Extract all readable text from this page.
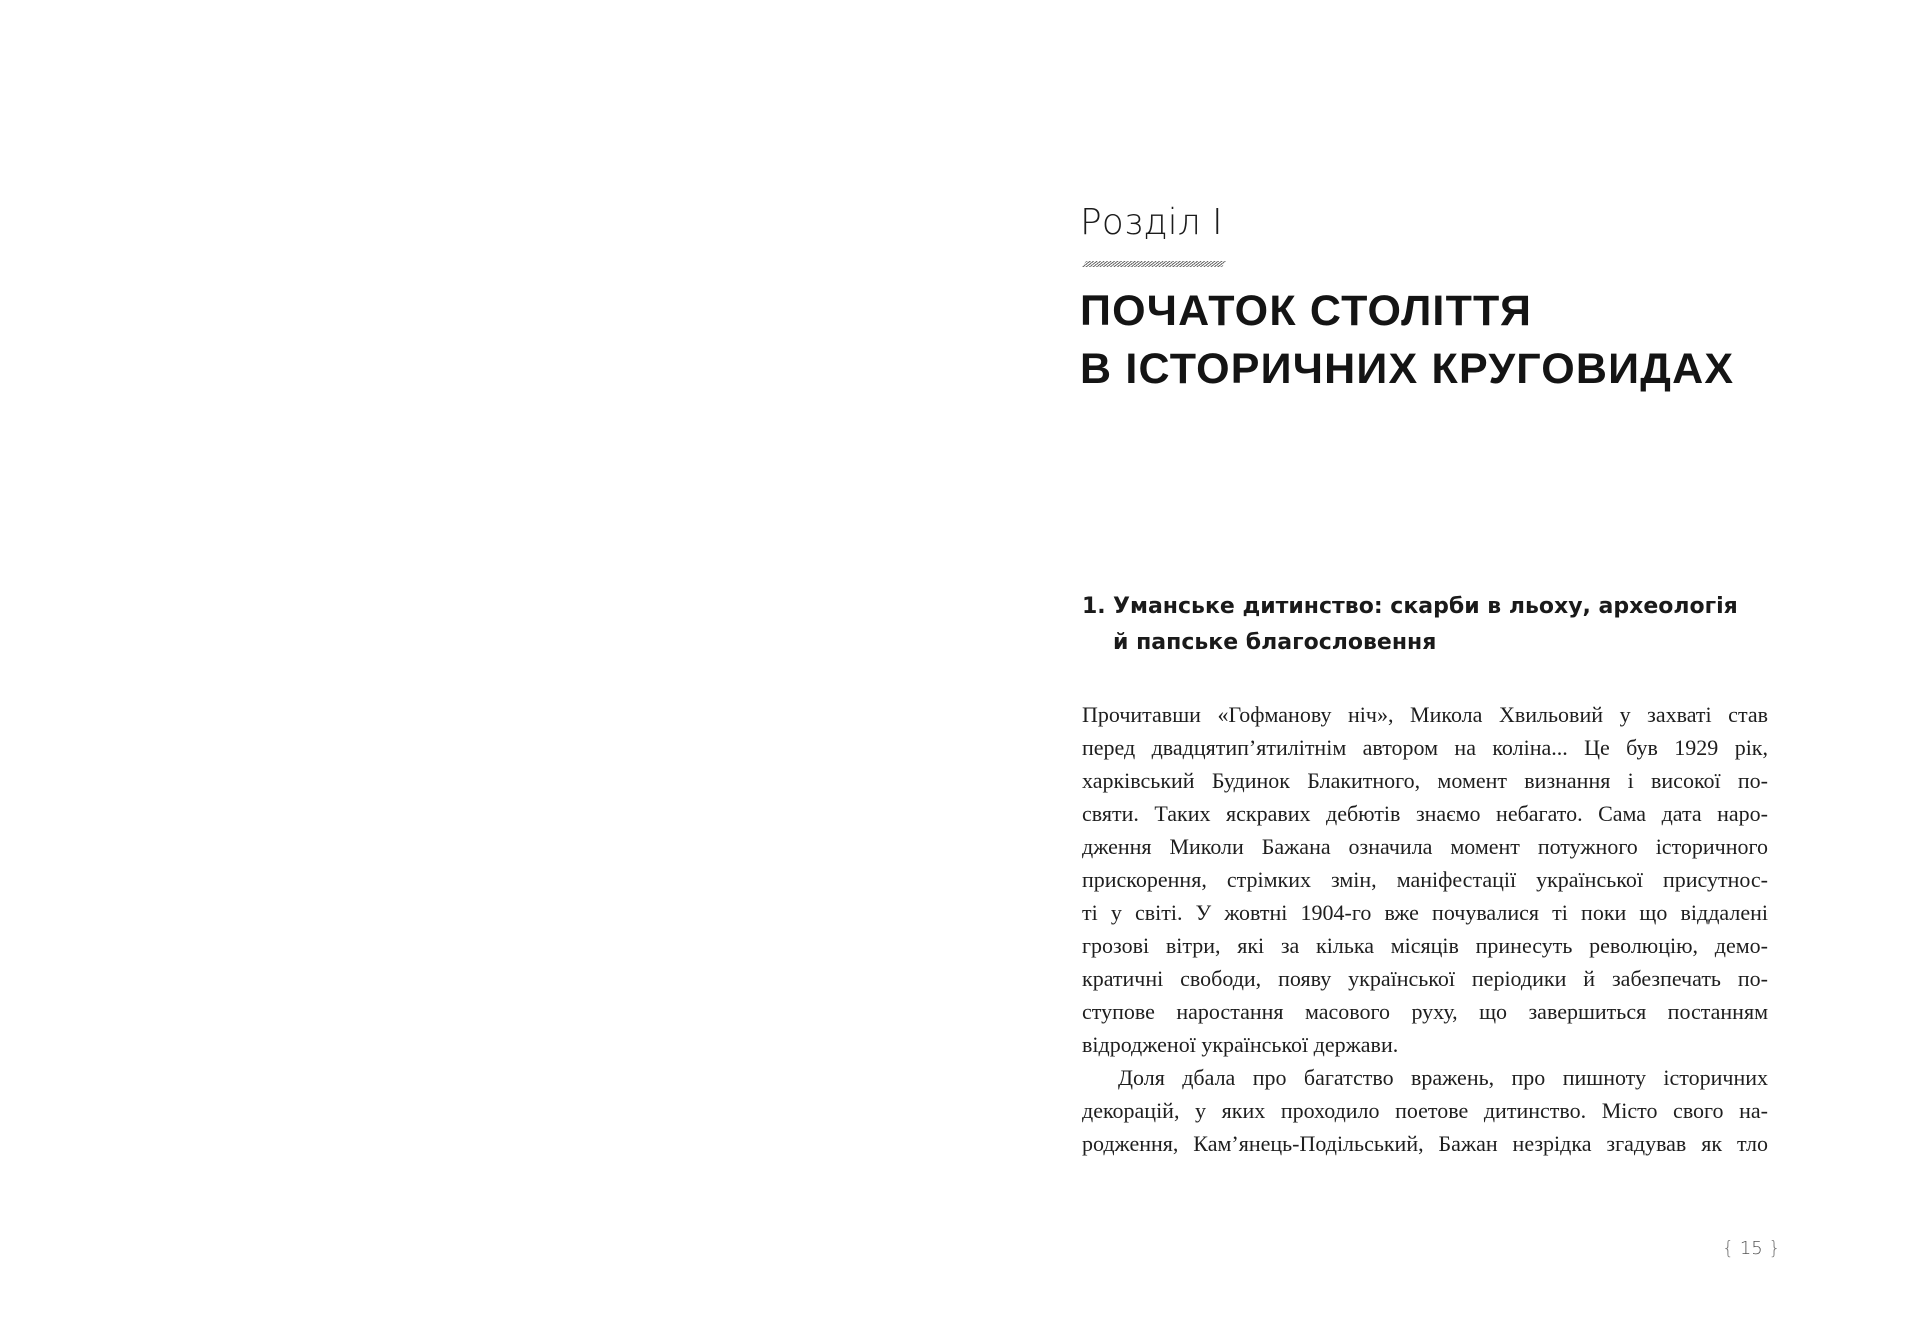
Розділ I
ПОЧАТОК СТОЛІТТЯ
В ІСТОРИЧНИХ КРУГОВИДАХ
1. Уманське дитинство: скарби в льоху, археологія
й папське благословення
Прочитавши «Гофманову ніч», Микола Хвильовий у захваті став
перед двадцятип’ятилітнім автором на коліна... Це був 1929 рік,
харківський Будинок Блакитного, момент визнання і високої по-
святи. Таких яскравих дебютів знаємо небагато. Сама дата наро-
дження Миколи Бажана означила момент потужного історичного
прискорення, стрімких змін, маніфестації української присутнос-
ті у світі. У жовтні 1904-го вже почувалися ті поки що віддалені
грозові вітри, які за кілька місяців принесуть революцію, демо-
кратичні свободи, появу української періодики й забезпечать по-
ступове наростання масового руху, що завершиться постанням
відродженої української держави.
Доля дбала про багатство вражень, про пишноту історичних
декорацій, у яких проходило поетове дитинство. Місто свого на-
родження, Кам’янець-Подільський, Бажан незрідка згадував як тло
{ 15 }
